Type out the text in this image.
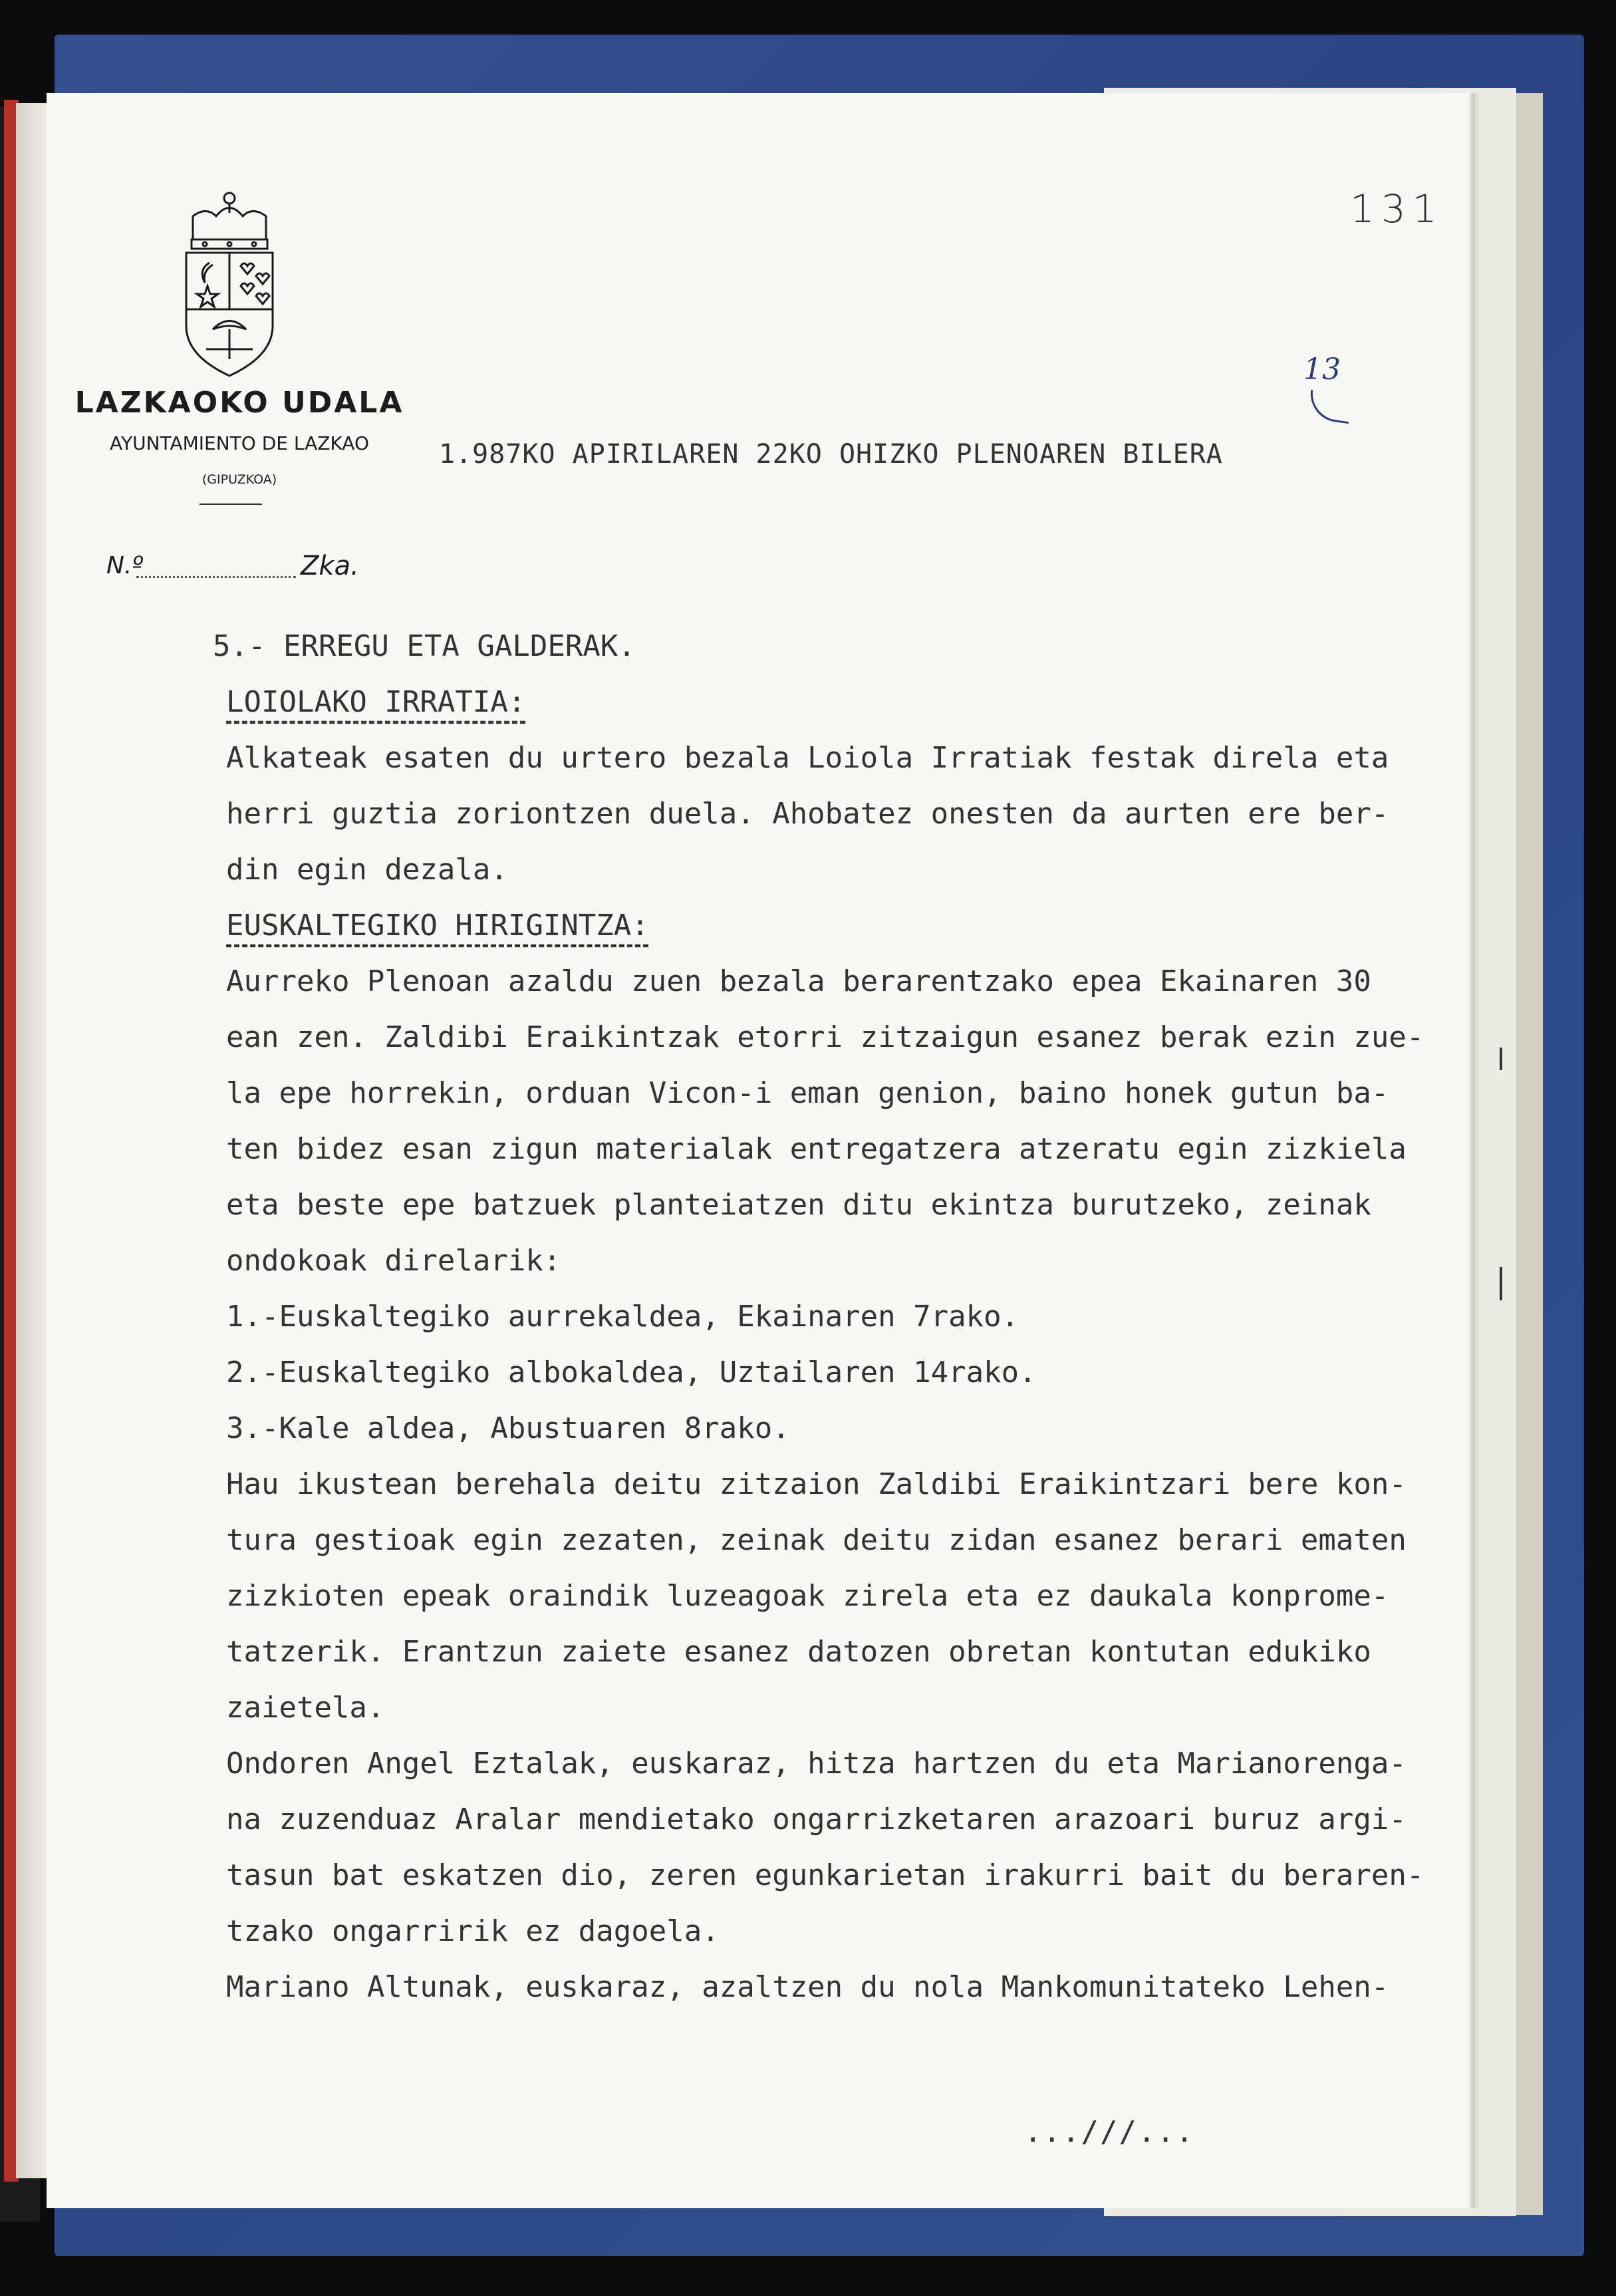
LAZKAOKO UDALA
AYUNTAMIENTO DE LAZKAO
(GIPUZKOA)
N.º	Zka.
131
13
1.987KO APIRILAREN 22KO OHIZKO PLENOAREN BILERA
5.- ERREGU ETA GALDERAK.
LOIOLAKO IRRATIA:
Alkateak esaten du urtero bezala Loiola Irratiak festak direla eta
herri guztia zoriontzen duela. Ahobatez onesten da aurten ere ber-
din egin dezala.
EUSKALTEGIKO HIRIGINTZA:
Aurreko Plenoan azaldu zuen bezala berarentzako epea Ekainaren 30
ean zen. Zaldibi Eraikintzak etorri zitzaigun esanez berak ezin zue-
la epe horrekin, orduan Vicon-i eman genion, baino honek gutun ba-
ten bidez esan zigun materialak entregatzera atzeratu egin zizkiela
eta beste epe batzuek planteiatzen ditu ekintza burutzeko, zeinak
ondokoak direlarik:
1.-Euskaltegiko aurrekaldea, Ekainaren 7rako.
2.-Euskaltegiko albokaldea, Uztailaren 14rako.
3.-Kale aldea, Abustuaren 8rako.
Hau ikustean berehala deitu zitzaion Zaldibi Eraikintzari bere kon-
tura gestioak egin zezaten, zeinak deitu zidan esanez berari ematen
zizkioten epeak oraindik luzeagoak zirela eta ez daukala konprome-
tatzerik. Erantzun zaiete esanez datozen obretan kontutan edukiko
zaietela.
Ondoren Angel Eztalak, euskaraz, hitza hartzen du eta Marianorenga-
na zuzenduaz Aralar mendietako ongarrizketaren arazoari buruz argi-
tasun bat eskatzen dio, zeren egunkarietan irakurri bait du beraren-
tzako ongarririk ez dagoela.
Mariano Altunak, euskaraz, azaltzen du nola Mankomunitateko Lehen-
...///...
